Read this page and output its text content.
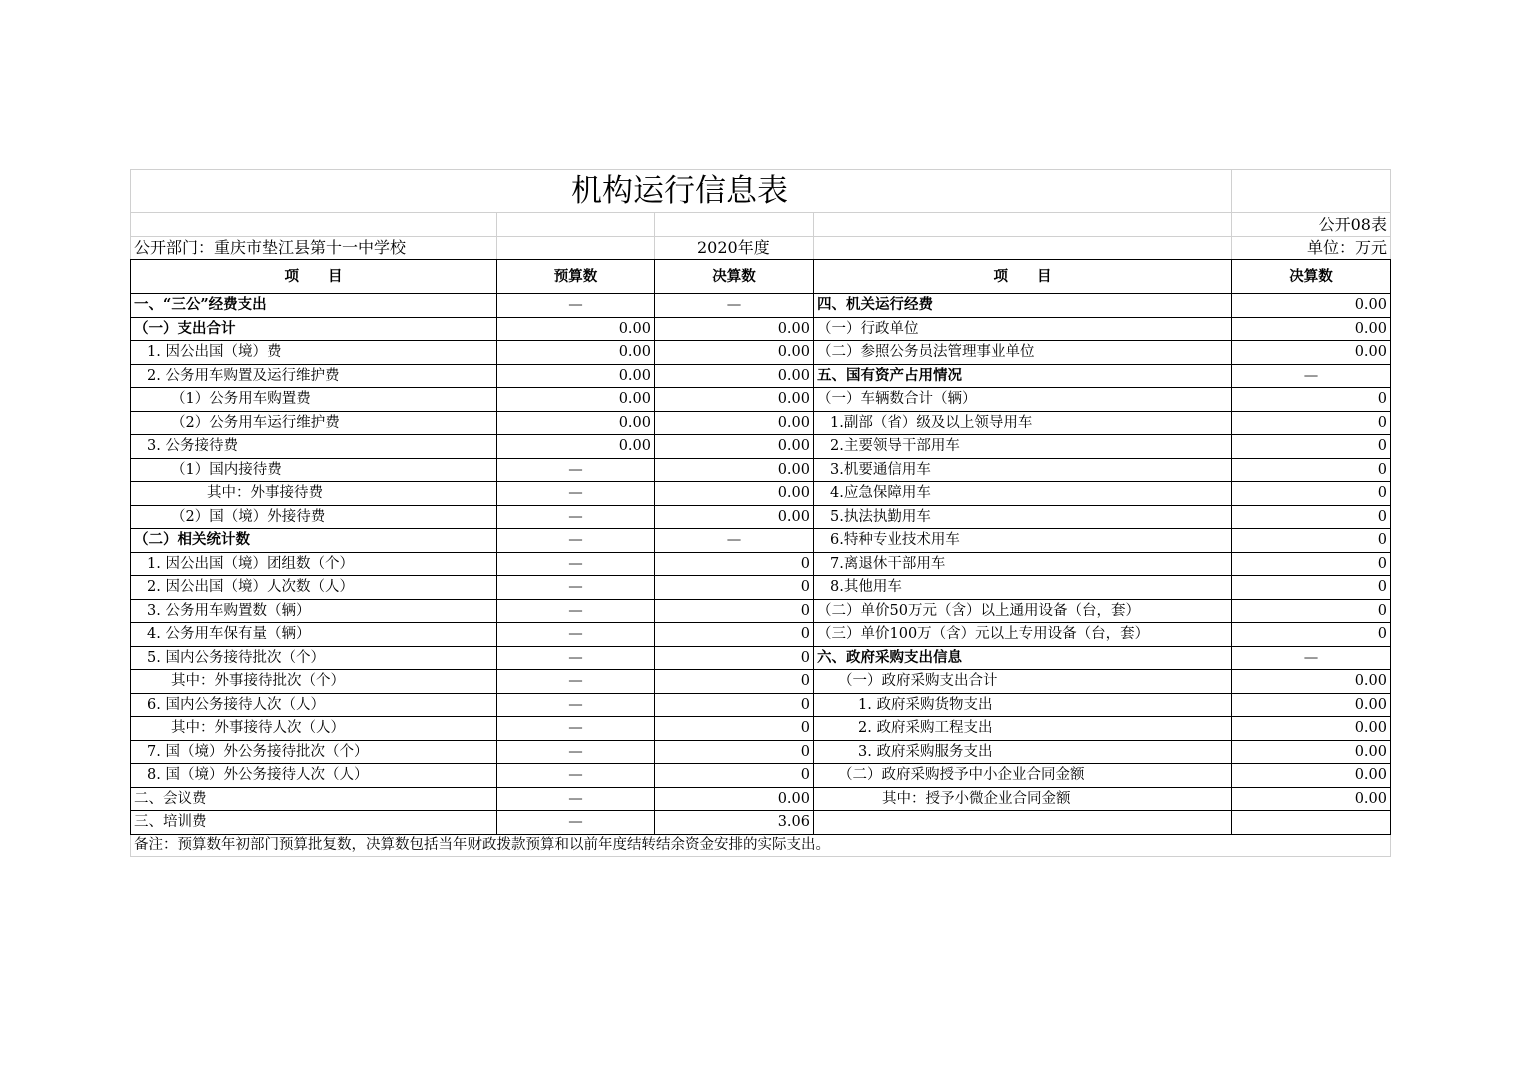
机构运行信息表				
				公开08表
公开部门：重庆市垫江县第十一中学校		2020年度		单位：万元
项　　目	预算数	决算数	项　　目	决算数
一、“三公”经费支出	—	—	四、机关运行经费	0.00
（一）支出合计	0.00	0.00	（一）行政单位	0.00
1. 因公出国（境）费	0.00	0.00	（二）参照公务员法管理事业单位	0.00
2. 公务用车购置及运行维护费	0.00	0.00	五、国有资产占用情况	—
（1）公务用车购置费	0.00	0.00	（一）车辆数合计（辆）	0
（2）公务用车运行维护费	0.00	0.00	1.副部（省）级及以上领导用车	0
3. 公务接待费	0.00	0.00	2.主要领导干部用车	0
（1）国内接待费	—	0.00	3.机要通信用车	0
其中：外事接待费	—	0.00	4.应急保障用车	0
（2）国（境）外接待费	—	0.00	5.执法执勤用车	0
（二）相关统计数	—	—	6.特种专业技术用车	0
1. 因公出国（境）团组数（个）	—	0	7.离退休干部用车	0
2. 因公出国（境）人次数（人）	—	0	8.其他用车	0
3. 公务用车购置数（辆）	—	0	（二）单价50万元（含）以上通用设备（台，套）	0
4. 公务用车保有量（辆）	—	0	（三）单价100万（含）元以上专用设备（台，套）	0
5. 国内公务接待批次（个）	—	0	六、政府采购支出信息	—
其中：外事接待批次（个）	—	0	（一）政府采购支出合计	0.00
6. 国内公务接待人次（人）	—	0	1. 政府采购货物支出	0.00
其中：外事接待人次（人）	—	0	2. 政府采购工程支出	0.00
7. 国（境）外公务接待批次（个）	—	0	3. 政府采购服务支出	0.00
8. 国（境）外公务接待人次（人）	—	0	（二）政府采购授予中小企业合同金额	0.00
二、会议费	—	0.00	其中：授予小微企业合同金额	0.00
三、培训费	—	3.06		
备注：预算数年初部门预算批复数，决算数包括当年财政拨款预算和以前年度结转结余资金安排的实际支出。				
